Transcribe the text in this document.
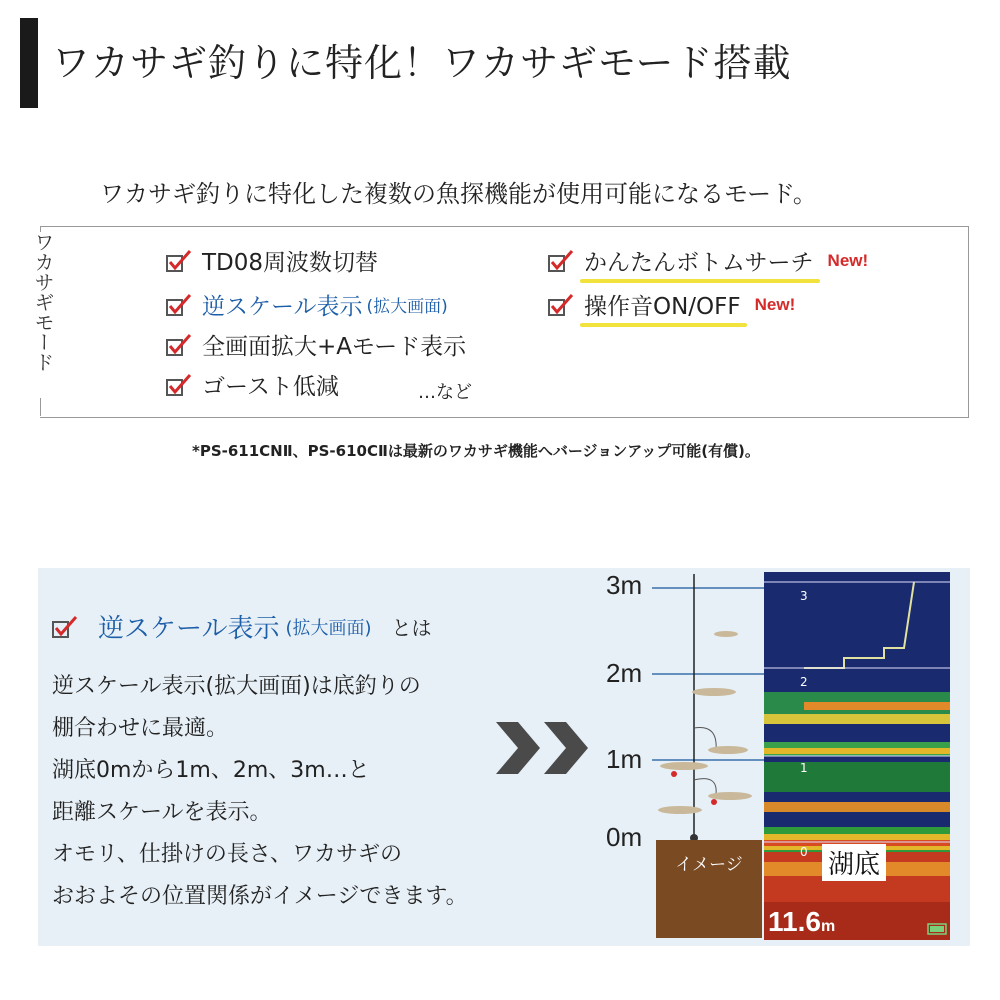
ワカサギ釣りに特化！ワカサギモード搭載
ワカサギ釣りに特化した複数の魚探機能が使用可能になるモード。
ワカサギモード	TD08周波数切替
逆スケール表示 (拡大画面)
全画面拡大+Aモード表示
ゴースト低減	…など
かんたんボトムサーチ New!
操作音ON/OFF New!
*PS-611CNⅡ、PS-610CⅡは最新のワカサギ機能へバージョンアップ可能(有償)。
逆スケール表示 (拡大画面) とは
逆スケール表示(拡大画面)は底釣りの
棚合わせに最適。
湖底0mから1m、2m、3m…と
距離スケールを表示。
オモリ、仕掛けの長さ、ワカサギの
おおよその位置関係がイメージできます。
3m
2m
1m
0m
イメージ
3
2
1
0 湖底
11.6m
